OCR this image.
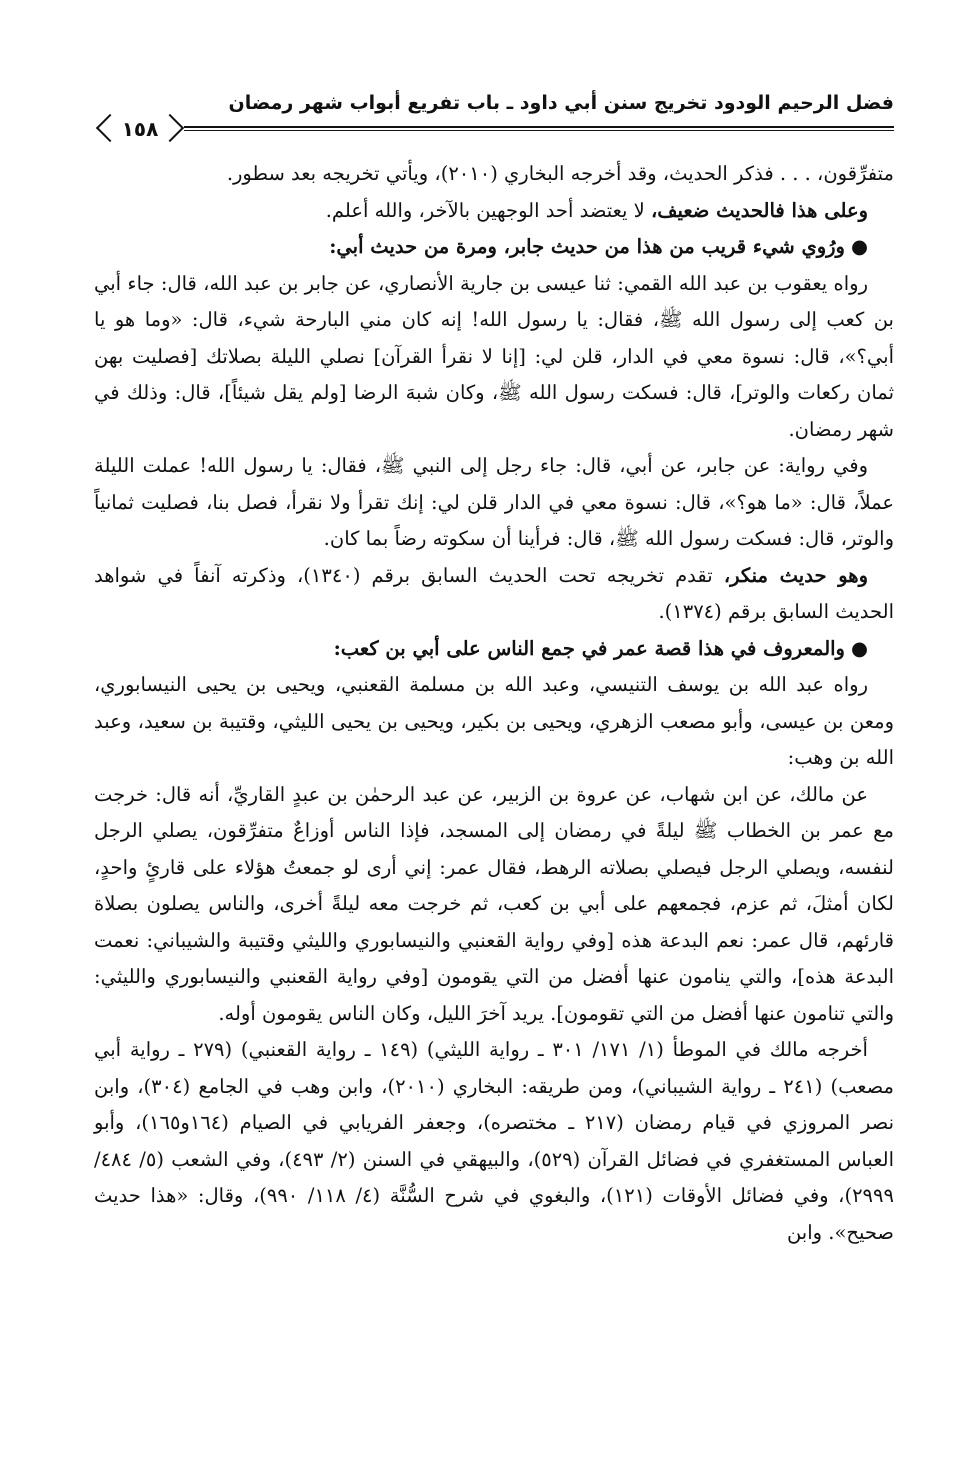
فضل الرحيم الودود تخريج سنن أبي داود ـ باب تفريع أبواب شهر رمضان
١٥٨

متفرِّقون، . . . فذكر الحديث، وقد أخرجه البخاري (٢٠١٠)، ويأتي تخريجه بعد سطور.

وعلى هذا فالحديث ضعيف، لا يعتضد أحد الوجهين بالآخر، والله أعلم.

●ورُوي شيء قريب من هذا من حديث جابر، ومرة من حديث أبي:

رواه يعقوب بن عبد الله القمي: ثنا عيسى بن جارية الأنصاري، عن جابر بن عبد الله، قال: جاء أبي بن كعب إلى رسول الله ﷺ، فقال: يا رسول الله! إنه كان مني البارحة شيء، قال: «وما هو يا أبي؟»، قال: نسوة معي في الدار، قلن لي: [إنا لا نقرأ القرآن] نصلي الليلة بصلاتك [فصليت بهن ثمان ركعات والوتر]، قال: فسكت رسول الله ﷺ، وكان شبهَ الرضا [ولم يقل شيئاً]، قال: وذلك في شهر رمضان.

وفي رواية: عن جابر، عن أبي، قال: جاء رجل إلى النبي ﷺ، فقال: يا رسول الله! عملت الليلة عملاً، قال: «ما هو؟»، قال: نسوة معي في الدار قلن لي: إنك تقرأ ولا نقرأ، فصل بنا، فصليت ثمانياً والوتر، قال: فسكت رسول الله ﷺ، قال: فرأينا أن سكوته رضاً بما كان.

وهو حديث منكر، تقدم تخريجه تحت الحديث السابق برقم (١٣٤٠)، وذكرته آنفاً في شواهد الحديث السابق برقم (١٣٧٤).

●والمعروف في هذا قصة عمر في جمع الناس على أبي بن كعب:

رواه عبد الله بن يوسف التنيسي، وعبد الله بن مسلمة القعنبي، ويحيى بن يحيى النيسابوري، ومعن بن عيسى، وأبو مصعب الزهري، ويحيى بن بكير، ويحيى بن يحيى الليثي، وقتيبة بن سعيد، وعبد الله بن وهب:

عن مالك، عن ابن شهاب، عن عروة بن الزبير، عن عبد الرحمٰن بن عبدٍ القاريِّ، أنه قال: خرجت مع عمر بن الخطاب ﷺ ليلةً في رمضان إلى المسجد، فإذا الناس أوزاعٌ متفرِّقون، يصلي الرجل لنفسه، ويصلي الرجل فيصلي بصلاته الرهط، فقال عمر: إني أرى لو جمعتُ هؤلاء على قارئٍ واحدٍ، لكان أمثلَ، ثم عزم، فجمعهم على أبي بن كعب، ثم خرجت معه ليلةً أخرى، والناس يصلون بصلاة قارئهم، قال عمر: نعم البدعة هذه [وفي رواية القعنبي والنيسابوري والليثي وقتيبة والشيباني: نعمت البدعة هذه]، والتي ينامون عنها أفضل من التي يقومون [وفي رواية القعنبي والنيسابوري والليثي: والتي تنامون عنها أفضل من التي تقومون]. يريد آخرَ الليل، وكان الناس يقومون أوله.

أخرجه مالك في الموطأ (١/ ١٧١/ ٣٠١ ـ رواية الليثي) (١٤٩ ـ رواية القعنبي) (٢٧٩ ـ رواية أبي مصعب) (٢٤١ ـ رواية الشيباني)، ومن طريقه: البخاري (٢٠١٠)، وابن وهب في الجامع (٣٠٤)، وابن نصر المروزي في قيام رمضان (٢١٧ ـ مختصره)، وجعفر الفريابي في الصيام (١٦٤و١٦٥)، وأبو العباس المستغفري في فضائل القرآن (٥٢٩)، والبيهقي في السنن (٢/ ٤٩٣)، وفي الشعب (٥/ ٤٨٤/ ٢٩٩٩)، وفي فضائل الأوقات (١٢١)، والبغوي في شرح السُّنَّة (٤/ ١١٨/ ٩٩٠)، وقال: «هذا حديث صحيح». وابن
